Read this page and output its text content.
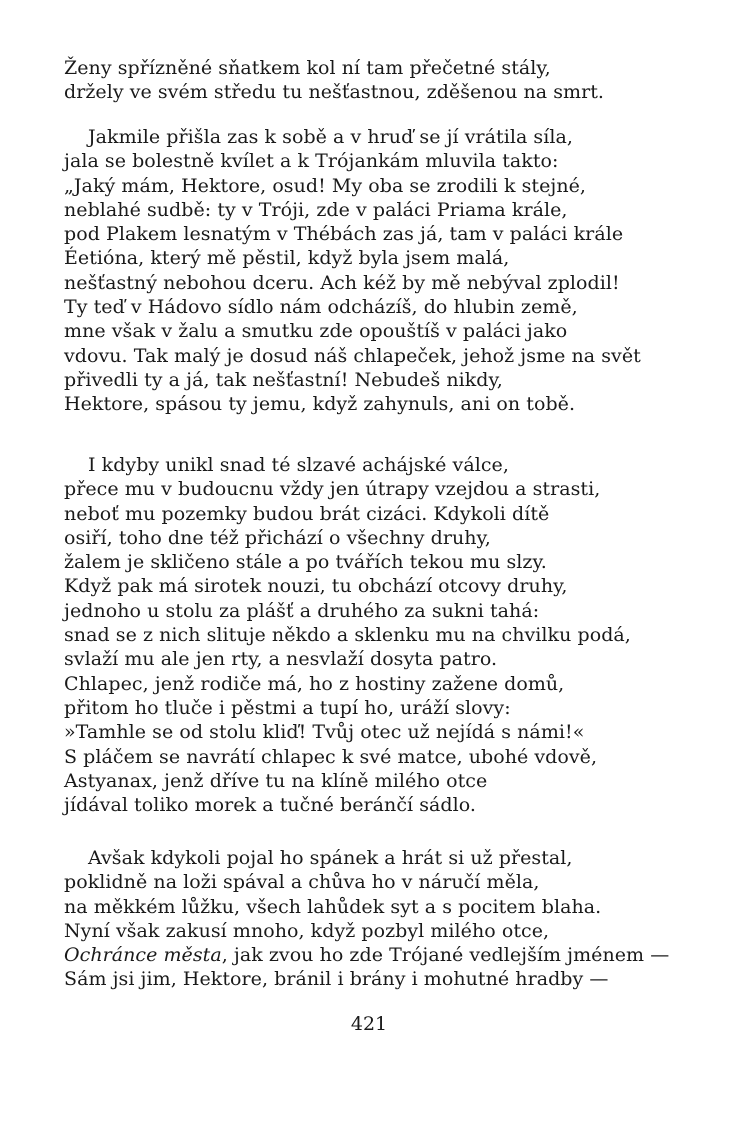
Ženy spřízněné sňatkem kol ní tam přečetné stály,
držely ve svém středu tu nešťastnou, zděšenou na smrt.
Jakmile přišla zas k sobě a v hruď se jí vrátila síla,
jala se bolestně kvílet a k Trójankám mluvila takto:
„Jaký mám, Hektore, osud! My oba se zrodili k stejné,
neblahé sudbě: ty v Tróji, zde v paláci Priama krále,
pod Plakem lesnatým v Thébách zas já, tam v paláci krále
Éetióna, který mě pěstil, když byla jsem malá,
nešťastný nebohou dceru. Ach kéž by mě nebýval zplodil!
Ty teď v Hádovo sídlo nám odcházíš, do hlubin země,
mne však v žalu a smutku zde opouštíš v paláci jako
vdovu. Tak malý je dosud náš chlapeček, jehož jsme na svět
přivedli ty a já, tak nešťastní! Nebudeš nikdy,
Hektore, spásou ty jemu, když zahynuls, ani on tobě.
I kdyby unikl snad té slzavé achájské válce,
přece mu v budoucnu vždy jen útrapy vzejdou a strasti,
neboť mu pozemky budou brát cizáci. Kdykoli dítě
osiří, toho dne též přichází o všechny druhy,
žalem je skličeno stále a po tvářích tekou mu slzy.
Když pak má sirotek nouzi, tu obchází otcovy druhy,
jednoho u stolu za plášť a druhého za sukni tahá:
snad se z nich slituje někdo a sklenku mu na chvilku podá,
svlaží mu ale jen rty, a nesvlaží dosyta patro.
Chlapec, jenž rodiče má, ho z hostiny zažene domů,
přitom ho tluče i pěstmi a tupí ho, uráží slovy:
»Tamhle se od stolu kliď! Tvůj otec už nejídá s námi!«
S pláčem se navrátí chlapec k své matce, ubohé vdově,
Astyanax, jenž dříve tu na klíně milého otce
jídával toliko morek a tučné beránčí sádlo.
Avšak kdykoli pojal ho spánek a hrát si už přestal,
poklidně na loži spával a chůva ho v náručí měla,
na měkkém lůžku, všech lahůdek syt a s pocitem blaha.
Nyní však zakusí mnoho, když pozbyl milého otce,
Ochránce města, jak zvou ho zde Trójané vedlejším jménem —
Sám jsi jim, Hektore, bránil i brány i mohutné hradby —
421
